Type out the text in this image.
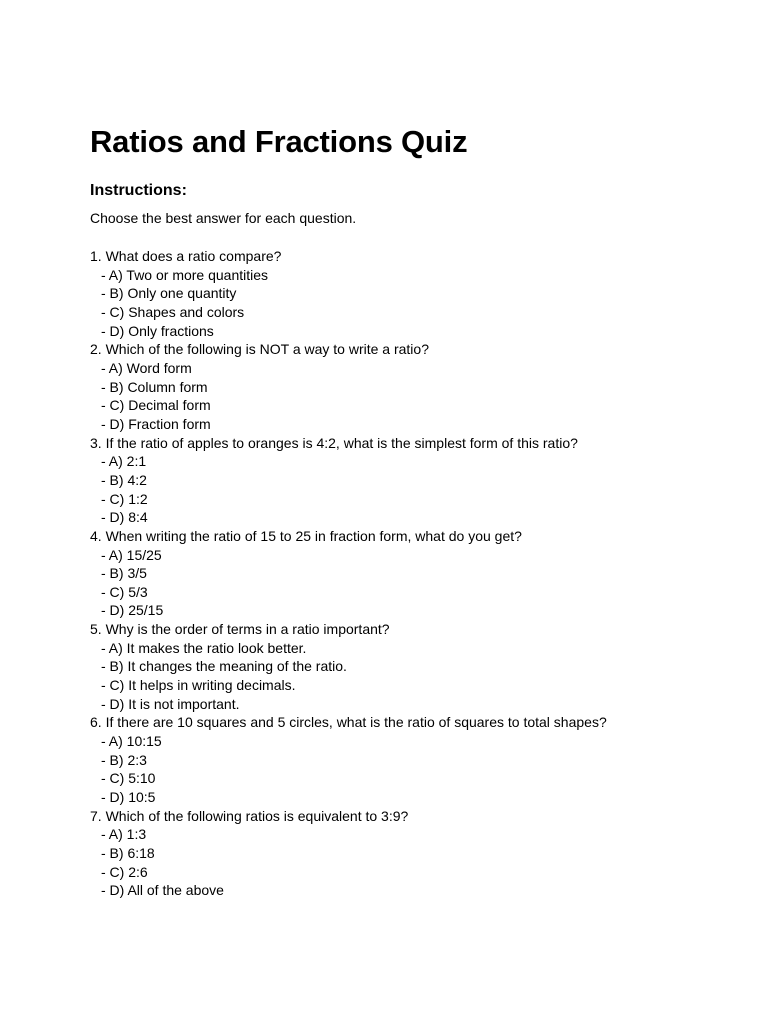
Ratios and Fractions Quiz
Instructions:

Choose the best answer for each question.

1. What does a ratio compare?
- A) Two or more quantities
- B) Only one quantity
- C) Shapes and colors
- D) Only fractions
2. Which of the following is NOT a way to write a ratio?
- A) Word form
- B) Column form
- C) Decimal form
- D) Fraction form
3. If the ratio of apples to oranges is 4:2, what is the simplest form of this ratio?
- A) 2:1
- B) 4:2
- C) 1:2
- D) 8:4
4. When writing the ratio of 15 to 25 in fraction form, what do you get?
- A) 15/25
- B) 3/5
- C) 5/3
- D) 25/15
5. Why is the order of terms in a ratio important?
- A) It makes the ratio look better.
- B) It changes the meaning of the ratio.
- C) It helps in writing decimals.
- D) It is not important.
6. If there are 10 squares and 5 circles, what is the ratio of squares to total shapes?
- A) 10:15
- B) 2:3
- C) 5:10
- D) 10:5
7. Which of the following ratios is equivalent to 3:9?
- A) 1:3
- B) 6:18
- C) 2:6
- D) All of the above
